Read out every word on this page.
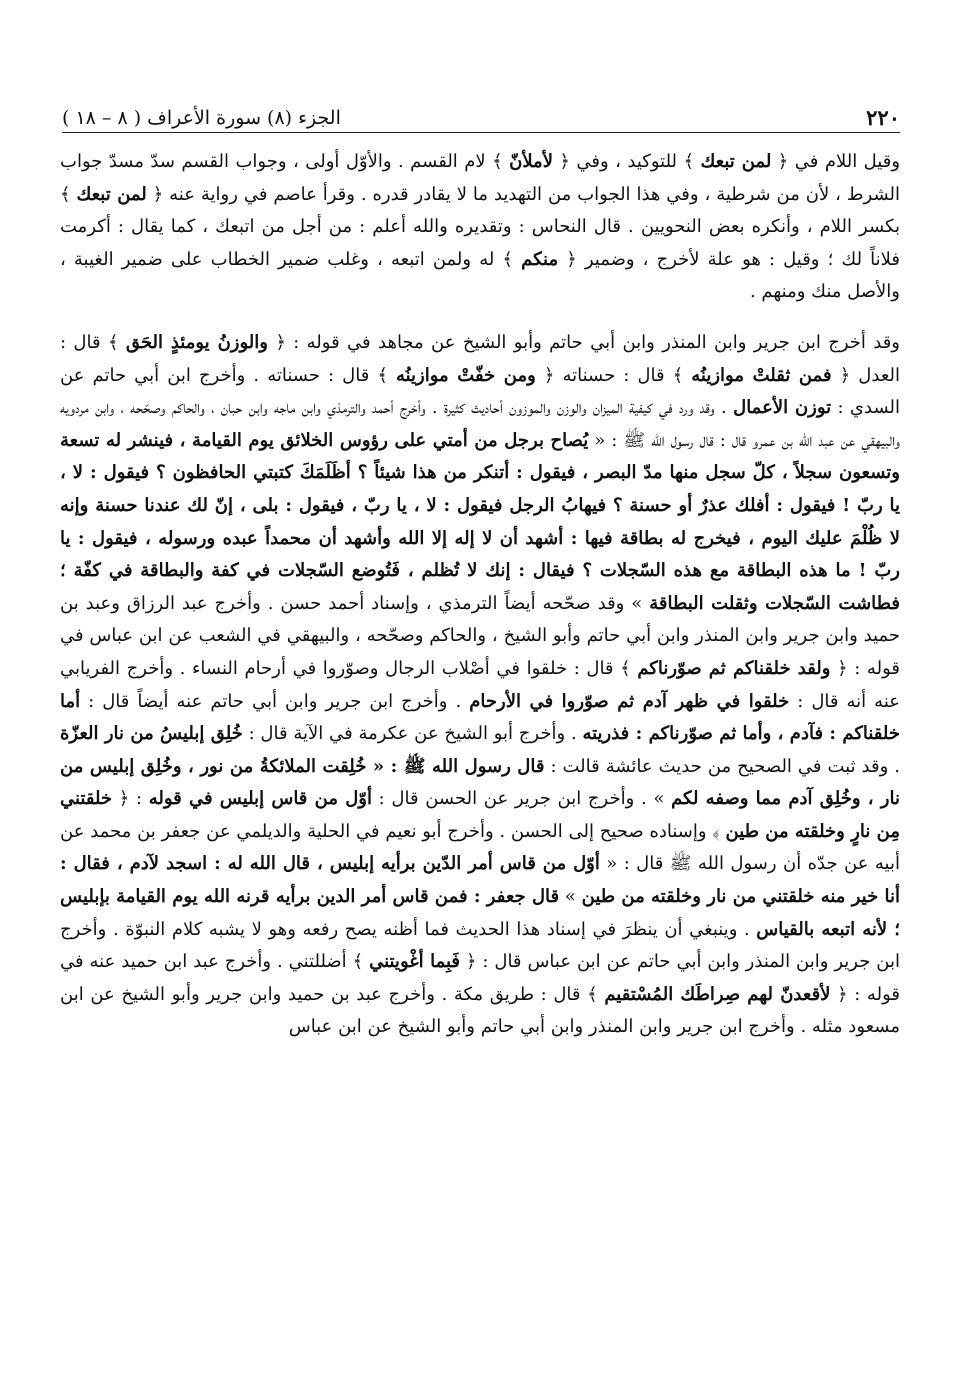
٢٢٠
الجزء (٨) سورة الأعراف ( ٨ – ١٨ )

وقيل اللام في ﴿ لمن تبعك ﴾ للتوكيد ، وفي ﴿ لأملأنّ ﴾ لام القسم . والأوّل أولى ، وجواب القسم سدّ مسدّ جواب الشرط ، لأن من شرطية ، وفي هذا الجواب من التهديد ما لا يقادر قدره . وقرأ عاصم في رواية عنه ﴿ لمن تبعك ﴾ بكسر اللام ، وأنكره بعض النحويين . قال النحاس : وتقديره والله أعلم : من أجل من اتبعك ، كما يقال : أكرمت فلاناً لك ؛ وقيل : هو علة لأخرج ، وضمير ﴿ منكم ﴾ له ولمن اتبعه ، وغلب ضمير الخطاب على ضمير الغيبة ، والأصل منك ومنهم .

وقد أخرج ابن جرير وابن المنذر وابن أبي حاتم وأبو الشيخ عن مجاهد في قوله : ﴿ والوزنُ يومئذٍ الحَق ﴾ قال : العدل ﴿ فمن ثقلتْ موازينُه ﴾ قال : حسناته ﴿ ومن خفّتْ موازينُه ﴾ قال : حسناته . وأخرج ابن أبي حاتم عن السدي : توزن الأعمال . وقد ورد في كيفية الميزان والوزن والموزون أحاديث كثيرة . وأخرج أحمد والترمذي وابن ماجه وابن حبان ، والحاكم وصحّحه ، وابن مردويه والبيهقي عن عبد الله بن عمرو قال : قال رسول الله ﷺ : « يُصاح برجل من أمتي على رؤوس الخلائق يوم القيامة ، فينشر له تسعة وتسعون سجلاً ، كلّ سجل منها مدّ البصر ، فيقول : أتنكر من هذا شيئاً ؟ أظَلَمَكَ كتبتي الحافظون ؟ فيقول : لا ، يا ربّ ! فيقول : أفلك عذرٌ أو حسنة ؟ فيهابُ الرجل فيقول : لا ، يا ربّ ، فيقول : بلى ، إنّ لك عندنا حسنة وإنه لا ظُلْمَ عليك اليوم ، فيخرج له بطاقة فيها : أشهد أن لا إله إلا الله وأشهد أن محمداً عبده ورسوله ، فيقول : يا ربّ ! ما هذه البطاقة مع هذه السّجلات ؟ فيقال : إنك لا تُظلم ، فَتُوضع السّجلات في كفة والبطاقة في كفّة ؛ فطاشت السّجلات وثقلت البطاقة » وقد صحّحه أيضاً الترمذي ، وإسناد أحمد حسن . وأخرج عبد الرزاق وعبد بن حميد وابن جرير وابن المنذر وابن أبي حاتم وأبو الشيخ ، والحاكم وصحّحه ، والبيهقي في الشعب عن ابن عباس في قوله : ﴿ ولقد خلقناكم ثم صوّرناكم ﴾ قال : خلقوا في أصْلاب الرجال وصوّروا في أرحام النساء . وأخرج الفريابي عنه أنه قال : خلقوا في ظهر آدم ثم صوّروا في الأرحام . وأخرج ابن جرير وابن أبي حاتم عنه أيضاً قال : أما خلقناكم : فآدم ، وأما ثم صوّرناكم : فذريته . وأخرج أبو الشيخ عن عكرمة في الآية قال : خُلِق إبليسُ من نار العزّة . وقد ثبت في الصحيح من حديث عائشة قالت : قال رسول الله ﷺ : « خُلِقت الملائكةُ من نور ، وخُلِق إبليس من نار ، وخُلِق آدم مما وصفه لكم » . وأخرج ابن جرير عن الحسن قال : أوّل من قاس إبليس في قوله : ﴿ خلقتني مِن نارٍ وخلقته من طين ﴾ وإسناده صحيح إلى الحسن . وأخرج أبو نعيم في الحلية والديلمي عن جعفر بن محمد عن أبيه عن جدّه أن رسول الله ﷺ قال : « أوّل من قاس أمر الدّين برأيه إبليس ، قال الله له : اسجد لآدم ، فقال : أنا خير منه خلقتني من نار وخلقته من طين » قال جعفر : فمن قاس أمر الدين برأيه قرنه الله يوم القيامة بإبليس ؛ لأنه اتبعه بالقياس . وينبغي أن ينظرَ في إسناد هذا الحديث فما أظنه يصح رفعه وهو لا يشبه كلام النبوّة . وأخرج ابن جرير وابن المنذر وابن أبي حاتم عن ابن عباس قال : ﴿ فَبِما أغْويتني ﴾ أضللتني . وأخرج عبد ابن حميد عنه في قوله : ﴿ لأقعدنّ لهم صِراطَك المُسْتقيم ﴾ قال : طريق مكة . وأخرج عبد بن حميد وابن جرير وأبو الشيخ عن ابن مسعود مثله . وأخرج ابن جرير وابن المنذر وابن أبي حاتم وأبو الشيخ عن ابن عباس
